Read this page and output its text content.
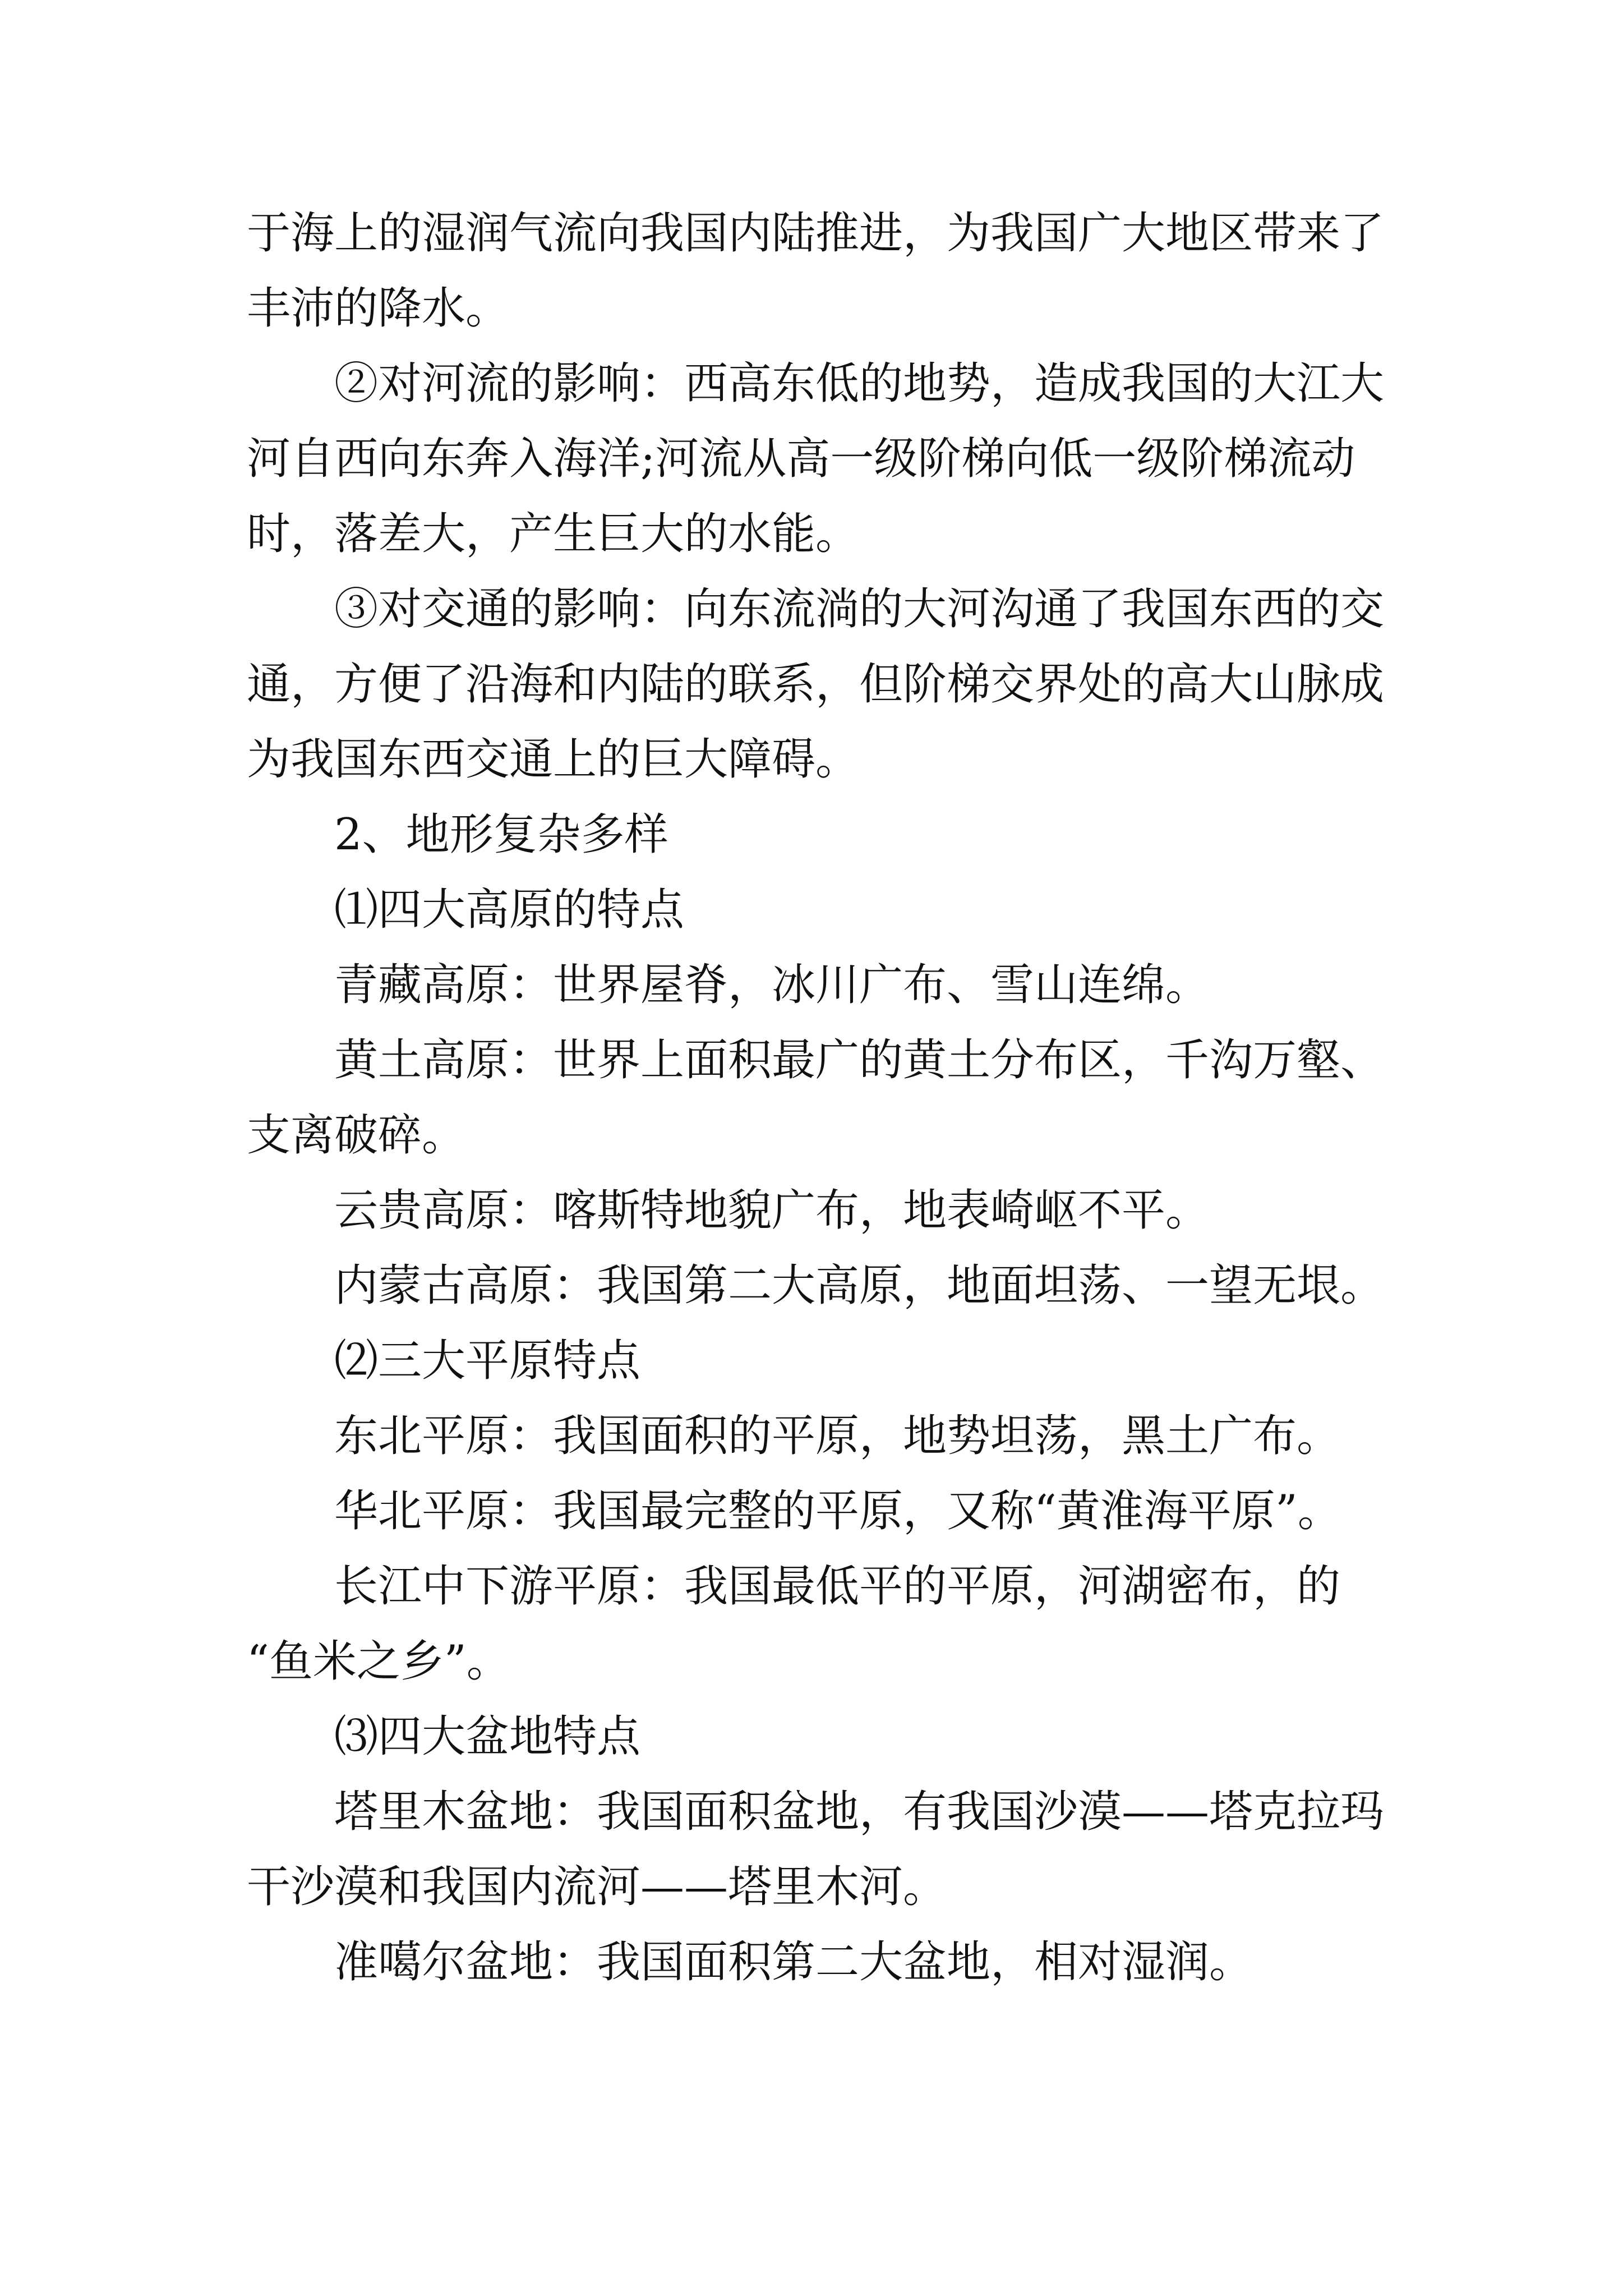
于海上的湿润气流向我国内陆推进，为我国广大地区带来了
丰沛的降水。
②对河流的影响：西高东低的地势，造成我国的大江大
河自西向东奔入海洋;河流从高一级阶梯向低一级阶梯流动
时，落差大，产生巨大的水能。
③对交通的影响：向东流淌的大河沟通了我国东西的交
通，方便了沿海和内陆的联系，但阶梯交界处的高大山脉成
为我国东西交通上的巨大障碍。
2、地形复杂多样
⑴四大高原的特点
青藏高原：世界屋脊，冰川广布、雪山连绵。
黄土高原：世界上面积最广的黄土分布区，千沟万壑、
支离破碎。
云贵高原：喀斯特地貌广布，地表崎岖不平。
内蒙古高原：我国第二大高原，地面坦荡、一望无垠。
⑵三大平原特点
东北平原：我国面积的平原，地势坦荡，黑土广布。
华北平原：我国最完整的平原，又称“黄淮海平原”。
长江中下游平原：我国最低平的平原，河湖密布，的
“鱼米之乡”。
⑶四大盆地特点
塔里木盆地：我国面积盆地，有我国沙漠——塔克拉玛
干沙漠和我国内流河——塔里木河。
准噶尔盆地：我国面积第二大盆地，相对湿润。
